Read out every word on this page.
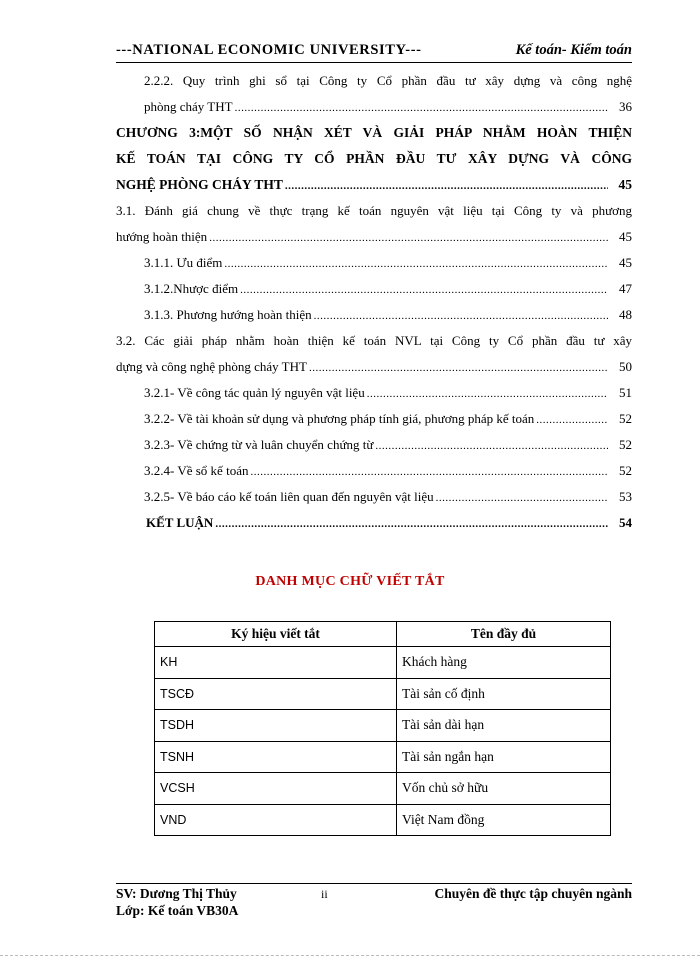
---NATIONAL ECONOMIC UNIVERSITY---	Kế toán- Kiểm toán
2.2.2. Quy trình ghi sổ tại Công ty Cổ phần đầu tư xây dựng và công nghệ
phòng cháy THT .....	36
CHƯƠNG 3:MỘT SỐ NHẬN XÉT VÀ GIẢI PHÁP NHẰM HOÀN THIỆN
KẾ TOÁN TẠI CÔNG TY CỔ PHẦN ĐẦU TƯ XÂY DỰNG VÀ CÔNG
NGHỆ PHÒNG CHÁY THT .....	45
3.1. Đánh giá chung về thực trạng kế toán nguyên vật liệu tại Công ty và phương
hướng hoàn thiện .....	45
3.1.1. Ưu điểm .....	45
3.1.2.Nhược điểm .....	47
3.1.3. Phương hướng hoàn thiện .....	48
3.2. Các giải pháp nhằm hoàn thiện kế toán NVL tại Công ty Cổ phần đầu tư xây
dựng và công nghệ phòng cháy THT .....	50
3.2.1- Về công tác quản lý nguyên vật liệu .....	51
3.2.2- Về tài khoản sử dụng và phương pháp tính giá, phương pháp kế toán .....	52
3.2.3- Về chứng từ và luân chuyển chứng từ .....	52
3.2.4- Về sổ kế toán .....	52
3.2.5- Về báo cáo kế toán liên quan đến nguyên vật liệu .....	53
KẾT LUẬN .....	54
DANH MỤC CHỮ VIẾT TẮT
Ký hiệu viết tắt	Tên đầy đủ
KH	Khách hàng
TSCĐ	Tài sản cố định
TSDH	Tài sản dài hạn
TSNH	Tài sản ngắn hạn
VCSH	Vốn chủ sở hữu
VND	Việt Nam đồng
SV: Dương Thị Thủy
Lớp: Kế toán VB30A
ii	Chuyên đề thực tập chuyên ngành
